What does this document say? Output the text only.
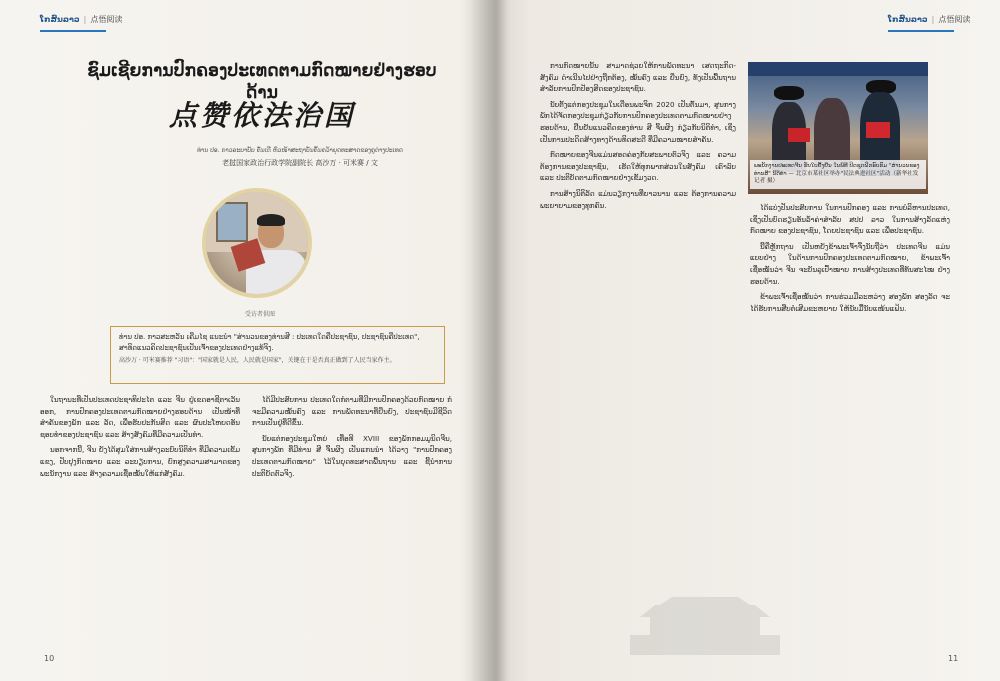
ໂກສົນລາວ | 点悟阅读	ໂກສົນລາວ | 点悟阅读
ຊົມເຊີຍການປົກຄອງປະເທດຕາມກົດໝາຍຢ່າງຮອບດ້ານ
点赞依法治国
ທ່ານ ປອ. ກາວລະບາບັບ ຄັ່ນເຕີ ຫົວໜ້າສະຖາບັນຄົ້ນຄວ້າຍຸດທະສາດຂອງຄູຕ່າງປະເທດ
老挝国家政治行政学院副院长 高沙万 · 可米赛 / 文
受访者供图
ທ່ານ ປອ. ກາວສະຫວັນ ເຄີ່ມໄຊ ແນະນຳ "ສ່ານວນຂອງທ່ານສີ : ປະເທດໃດຄືປະຊາຊົນ, ປະຊາຊົນຄືປະເທດ", ສາທິດແນວຄິດປະຊາຊົນເປັນເຈົ້າຂອງປະເທດຢ່າງແທ້ຈິງ.
高沙万 · 可米赛推荐 "习语"："国家就是人民，人民就是国家"，关键在于是否真正做到了人民当家作主。

ໃນຖານະທີ່ເປັນປະເທດປະຊາທິປະໄຕ ແລະ ຈີນ ຢູ່ເຂດອາຊີຕາເວັນອອກ, ການປົກຄອງປະເທດຕາມກົດໝາຍຢ່າງຮອບດ້ານ ເປັນໜ້າທີ່ສຳຄັນຂອງພັກ ແລະ ລັດ, ເພື່ອຮັບປະກັນສິດ ແລະ ຜົນປະໂຫຍດອັນຊອບທຳຂອງປະຊາຊົນ ແລະ ສ້າງສັງຄົມທີ່ມີຄວາມເປັນທຳ.

ນອກຈາກນີ້, ຈີນ ຍັງໄດ້ສຸມໃສ່ການສ້າງລະບົບນິຕິທຳ ທີ່ມີຄວາມເຂັ້ມແຂງ, ປັບປຸງກົດໝາຍ ແລະ ລະບຽບການ, ຍົກສູງຄວາມສາມາດຂອງພະນັກງານ ແລະ ສ້າງຄວາມເຊື່ອໝັ້ນໃຫ້ແກ່ສັງຄົມ.

ໄດ້ມີປະສົບການ ປະເທດໃດກໍຕາມທີ່ມີການປົກຄອງດ້ວຍກົດໝາຍ ກໍຈະມີຄວາມໝັ້ນຄົງ ແລະ ການພັດທະນາທີ່ຍືນຍົງ, ປະຊາຊົນມີຊີວິດການເປັນຢູ່ທີ່ດີຂຶ້ນ.

ນັບແຕ່ກອງປະຊຸມໃຫຍ່ ເທື່ອທີ XVIII ຂອງພັກກອມມູນິດຈີນ, ສູນກາງພັກ ທີ່ມີທ່ານ ສີ ຈິ້ນຜິງ ເປັນແກນນຳ ໄດ້ວາງ "ການປົກຄອງປະເທດຕາມກົດໝາຍ" ໄວ້ໃນຍຸດທະສາດພື້ນຖານ ແລະ ຊີ້ນຳການປະຕິບັດຕົວຈິງ.

10

ການກົດໝາຍນັ້ນ ສາມາດຊ່ວຍໃຫ້ການພັດທະນາ ເສດຖະກິດ-ສັງຄົມ ດຳເນີນໄປຢ່າງຖືກຕ້ອງ, ໝັ້ນຄົງ ແລະ ຍືນຍົງ, ທັງເປັນພື້ນຖານສຳລັບການປົກປ້ອງສິດຂອງປະຊາຊົນ.

ນັບຕັ້ງແຕ່ກອງປະຊຸມໃນເດືອນພະຈິກ 2020 ເປັນຕົ້ນມາ, ສູນກາງພັກໄດ້ຈັດກອງປະຊຸມກ່ຽວກັບການປົກຄອງປະເທດຕາມກົດໝາຍຢ່າງຮອບດ້ານ, ຢືນຢັນແນວຄິດຂອງທ່ານ ສີ ຈິ້ນຜິງ ກ່ຽວກັບນິຕິທຳ, ເຊິ່ງເປັນການປະດິດສ້າງທາງດ້ານທິດສະດີ ທີ່ມີຄວາມໝາຍສຳຄັນ.

ກົດໝາຍຂອງຈີນແມ່ນສອດຄ່ອງກັບສະພາບຕົວຈິງ ແລະ ຄວາມຕ້ອງການຂອງປະຊາຊົນ, ເຮັດໃຫ້ທຸກພາກສ່ວນໃນສັງຄົມ ເຄົາລົບ ແລະ ປະຕິບັດຕາມກົດໝາຍຢ່າງເຂັ້ມງວດ.

ການສ້າງນິຕິລັດ ແມ່ນວຽກງານທີ່ຍາວນານ ແລະ ຕ້ອງການຄວາມພະຍາຍາມຂອງທຸກຄົນ.

ພະນັກງານປະເທດຈີນ ຮັບໃບຢັ້ງຢືນ ໃນພິທີ ປິດຊຸດຝຶກອົບຮົມ "ສ່ານວນຂອງທ່ານສີ" ນິຕິທຳ — 北京市某社区举办"民法典进社区"活动（新华社发 记者 摄）

ໄດ້ແບ່ງປັນປະສົບການ ໃນການປົກຄອງ ແລະ ການບໍລິຫານປະເທດ, ເຊິ່ງເປັນບົດຮຽນອັນລ້ຳຄ່າສຳລັບ ສປປ ລາວ ໃນການສ້າງລັດແຫ່ງກົດໝາຍ ຂອງປະຊາຊົນ, ໂດຍປະຊາຊົນ ແລະ ເພື່ອປະຊາຊົນ.

ນີ້ຄືຫຼັກຖານ ເປັນຫຍັງຂ້າພະເຈົ້າຈຶ່ງນັບຖືວ່າ ປະເທດຈີນ ແມ່ນແບບຢ່າງ ໃນດ້ານການປົກຄອງປະເທດຕາມກົດໝາຍ, ຂ້າພະເຈົ້າເຊື່ອໝັ້ນວ່າ ຈີນ ຈະບັນລຸເປົ້າໝາຍ ການສ້າງປະເທດທີ່ທັນສະໄໝ ຢ່າງຮອບດ້ານ.

ຂ້າພະເຈົ້າເຊື່ອໝັ້ນວ່າ ການຮ່ວມມືລະຫວ່າງ ສອງພັກ ສອງລັດ ຈະໄດ້ຮັບການສືບຕໍ່ເສີມຂະຫຍາຍ ໃຫ້ນັບມື້ນັບແໜ້ນແຟ້ນ.

11
